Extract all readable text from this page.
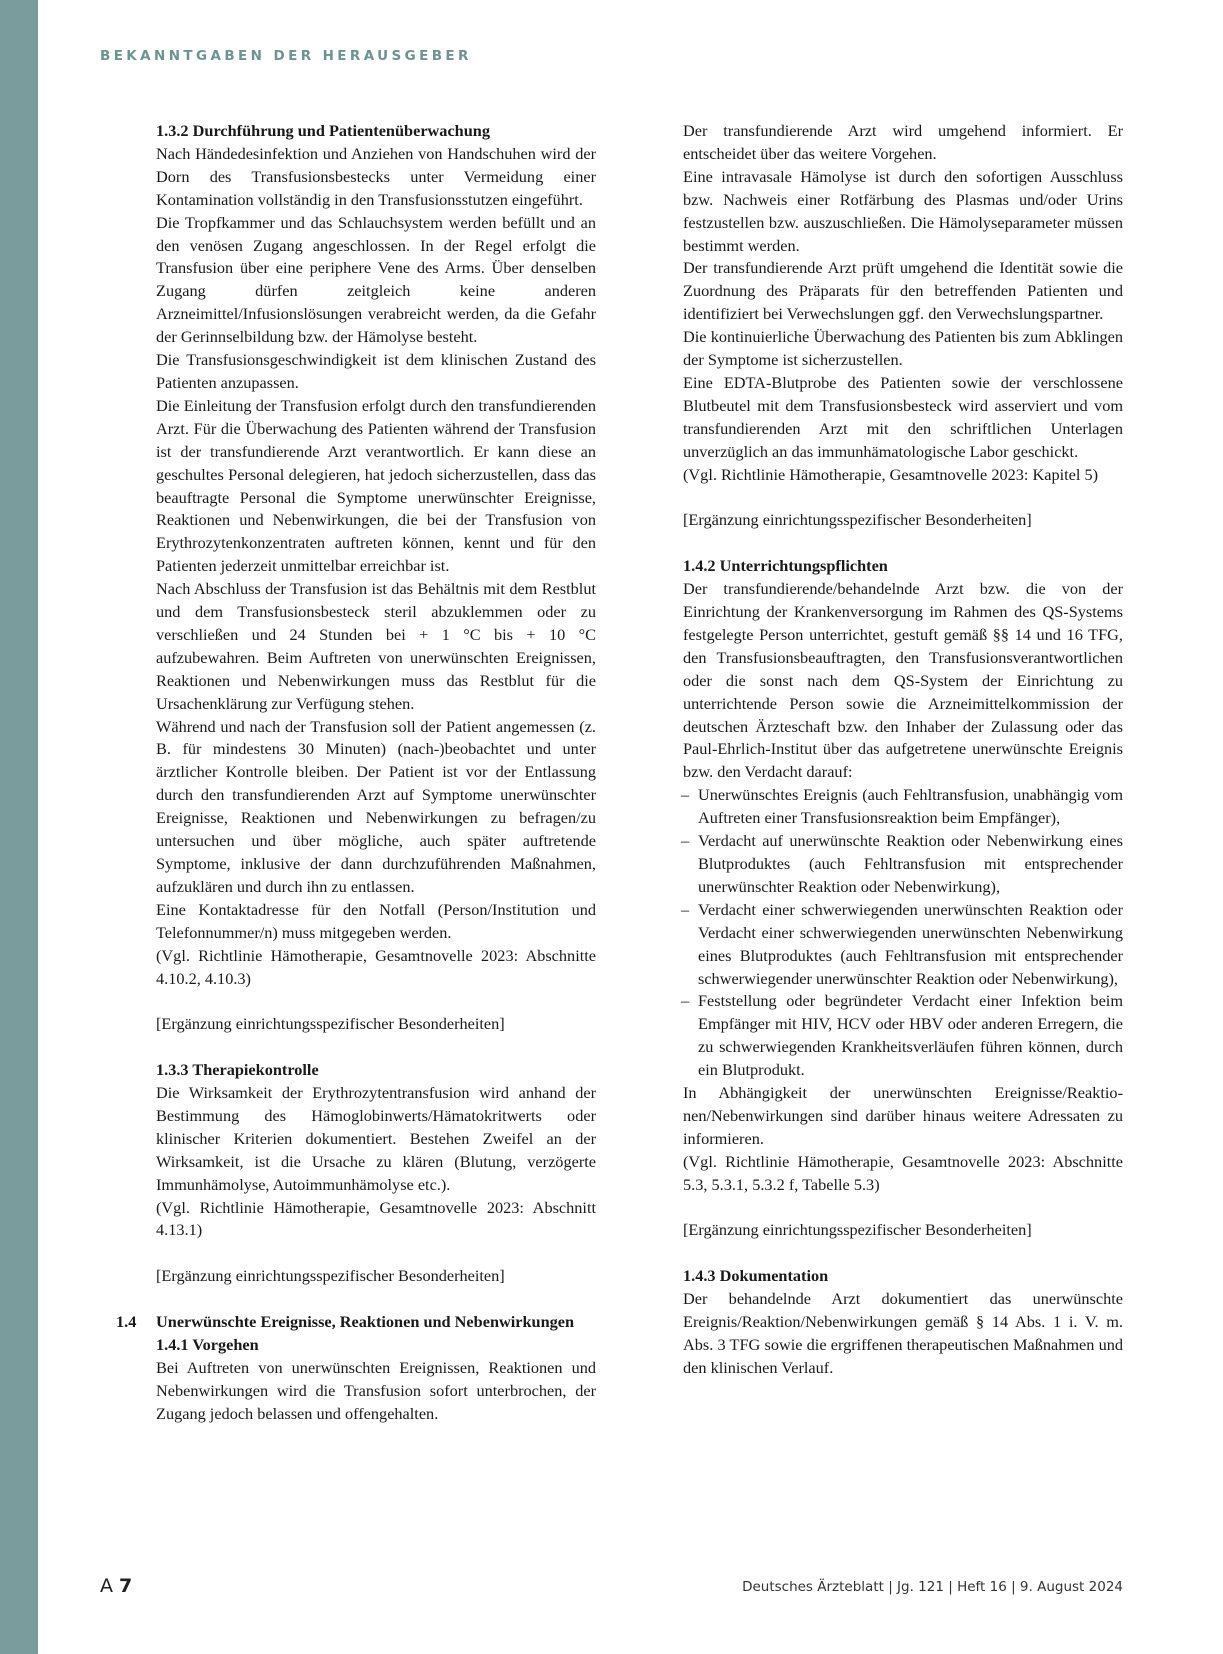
BEKANNTGABEN DER HERAUSGEBER

1.3.2 Durchführung und Patientenüberwachung

Nach Händedesinfektion und Anziehen von Handschuhen wird der Dorn des Transfusionsbestecks unter Vermeidung einer Kontamination vollständig in den Transfusionsstutzen eingeführt.

Die Tropfkammer und das Schlauchsystem werden befüllt und an den venösen Zugang angeschlossen. In der Regel erfolgt die Transfusion über eine periphere Vene des Arms. Über denselben Zugang dürfen zeitgleich keine anderen Arzneimittel/Infusionslösungen verabreicht werden, da die Gefahr der Gerinnselbildung bzw. der Hämolyse besteht.

Die Transfusionsgeschwindigkeit ist dem klinischen Zustand des Patienten anzupassen.

Die Einleitung der Transfusion erfolgt durch den transfundierenden Arzt. Für die Überwachung des Patienten während der Transfusion ist der transfundierende Arzt verantwortlich. Er kann diese an geschultes Personal delegieren, hat jedoch sicherzustellen, dass das beauftragte Personal die Symptome unerwünschter Ereignisse, Reaktionen und Nebenwirkungen, die bei der Transfusion von Erythrozytenkonzentraten auftreten können, kennt und für den Patienten jederzeit unmittelbar erreichbar ist.

Nach Abschluss der Transfusion ist das Behältnis mit dem Restblut und dem Transfusionsbesteck steril abzuklemmen oder zu verschließen und 24 Stunden bei + 1 °C bis + 10 °C aufzubewahren. Beim Auftreten von unerwünschten Ereignissen, Reaktionen und Nebenwirkungen muss das Restblut für die Ursachenklärung zur Verfügung stehen.

Während und nach der Transfusion soll der Patient angemessen (z. B. für mindestens 30 Minuten) (nach-)beobachtet und unter ärztlicher Kontrolle bleiben. Der Patient ist vor der Entlassung durch den transfundierenden Arzt auf Symptome unerwünschter Ereignisse, Reaktionen und Nebenwirkungen zu befragen/zu untersuchen und über mögliche, auch später auftretende Symptome, inklusive der dann durchzuführenden Maßnahmen, aufzuklären und durch ihn zu entlassen.

Eine Kontaktadresse für den Notfall (Person/Institution und Telefonnummer/n) muss mitgegeben werden.

(Vgl. Richtlinie Hämotherapie, Gesamtnovelle 2023: Abschnitte 4.10.2, 4.10.3)

[Ergänzung einrichtungsspezifischer Besonderheiten]

1.3.3 Therapiekontrolle

Die Wirksamkeit der Erythrozytentransfusion wird anhand der Bestimmung des Hämoglobinwerts/Hämatokritwerts oder klinischer Kriterien dokumentiert. Bestehen Zweifel an der Wirksamkeit, ist die Ursache zu klären (Blutung, verzögerte Immunhämolyse, Autoimmunhämolyse etc.).

(Vgl. Richtlinie Hämotherapie, Gesamtnovelle 2023: Abschnitt 4.13.1)

[Ergänzung einrichtungsspezifischer Besonderheiten]

1.4 Unerwünschte Ereignisse, Reaktionen und Nebenwirkungen

1.4.1 Vorgehen

Bei Auftreten von unerwünschten Ereignissen, Reaktionen und Nebenwirkungen wird die Transfusion sofort unterbrochen, der Zugang jedoch belassen und offengehalten.

Der transfundierende Arzt wird umgehend informiert. Er entscheidet über das weitere Vorgehen.

Eine intravasale Hämolyse ist durch den sofortigen Ausschluss bzw. Nachweis einer Rotfärbung des Plasmas und/oder Urins festzustellen bzw. auszuschließen. Die Hämolyseparameter müssen bestimmt werden.

Der transfundierende Arzt prüft umgehend die Identität sowie die Zuordnung des Präparats für den betreffenden Patienten und identifiziert bei Verwechslungen ggf. den Verwechslungspartner.

Die kontinuierliche Überwachung des Patienten bis zum Abklingen der Symptome ist sicherzustellen.

Eine EDTA-Blutprobe des Patienten sowie der verschlossene Blutbeutel mit dem Transfusionsbesteck wird asserviert und vom transfundierenden Arzt mit den schriftlichen Unterlagen unverzüglich an das immunhämatologische Labor geschickt.

(Vgl. Richtlinie Hämotherapie, Gesamtnovelle 2023: Kapitel 5)

[Ergänzung einrichtungsspezifischer Besonderheiten]

1.4.2 Unterrichtungspflichten

Der transfundierende/behandelnde Arzt bzw. die von der Einrichtung der Krankenversorgung im Rahmen des QS-Systems festgelegte Person unterrichtet, gestuft gemäß §§ 14 und 16 TFG, den Transfusionsbeauftragten, den Transfusionsverantwortlichen oder die sonst nach dem QS-System der Einrichtung zu unterrichtende Person sowie die Arzneimittelkommission der deutschen Ärzteschaft bzw. den Inhaber der Zulassung oder das Paul-Ehrlich-Institut über das aufgetretene unerwünschte Ereignis bzw. den Verdacht darauf:

– Unerwünschtes Ereignis (auch Fehltransfusion, unabhängig vom Auftreten einer Transfusionsreaktion beim Empfänger),
– Verdacht auf unerwünschte Reaktion oder Nebenwirkung eines Blutproduktes (auch Fehltransfusion mit entsprechender unerwünschter Reaktion oder Nebenwirkung),
– Verdacht einer schwerwiegenden unerwünschten Reaktion oder Verdacht einer schwerwiegenden unerwünschten Nebenwirkung eines Blutproduktes (auch Fehltransfusion mit entsprechender schwerwiegender unerwünschter Reaktion oder Nebenwirkung),
– Feststellung oder begründeter Verdacht einer Infektion beim Empfänger mit HIV, HCV oder HBV oder anderen Erregern, die zu schwerwiegenden Krankheitsverläufen führen können, durch ein Blutprodukt.

In Abhängigkeit der unerwünschten Ereignisse/Reaktionen/Nebenwirkungen sind darüber hinaus weitere Adressaten zu informieren.

(Vgl. Richtlinie Hämotherapie, Gesamtnovelle 2023: Abschnitte 5.3, 5.3.1, 5.3.2 f, Tabelle 5.3)

[Ergänzung einrichtungsspezifischer Besonderheiten]

1.4.3 Dokumentation

Der behandelnde Arzt dokumentiert das unerwünschte Ereignis/Reaktion/Nebenwirkungen gemäß § 14 Abs. 1 i. V. m. Abs. 3 TFG sowie die ergriffenen therapeutischen Maßnahmen und den klinischen Verlauf.

A 7	Deutsches Ärzteblatt | Jg. 121 | Heft 16 | 9. August 2024
